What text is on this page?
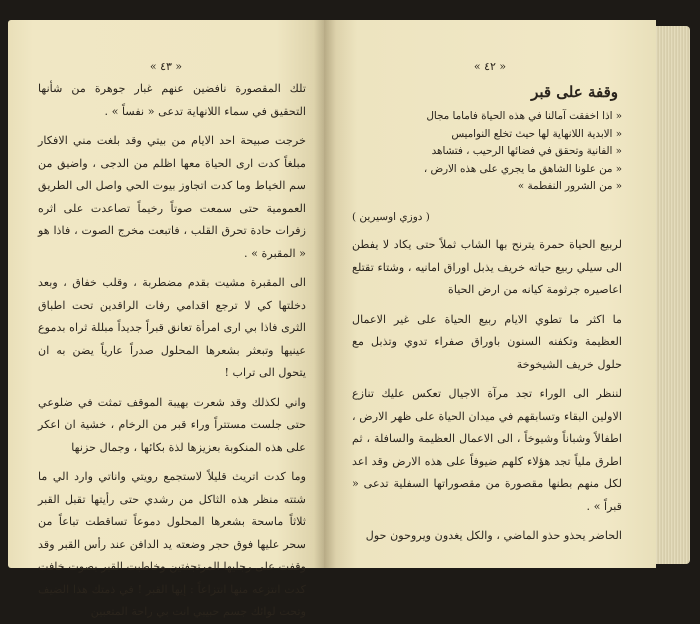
« ٤٣ »

تلك المقصورة نافضين عنهم غبار جوهرة من شأنها التحقيق في سماء اللانهاية تدعى « نفساً » .

خرجت صبيحة احد الايام من بيتي وقد بلغت مني الافكار مبلغاً كدت ارى الحياة معها اظلم من الدجى ، واضيق من سم الخياط وما كدت اتجاوز بيوت الحي واصل الى الطريق العمومية حتى سمعت صوتاً رخيماً تصاعدت على اثره زفرات حادة تحرق القلب ، فاتبعت مخرج الصوت ، فاذا هو « المقبرة » .

الى المقبرة مشيت بقدم مضطربة ، وقلب خفاق ، وبعد دخلتها كي لا ترجع اقدامي رفات الراقدين تحت اطباق الثرى فاذا بي ارى امرأة تعانق قبراً جديداً مبللة ثراه بدموع عينيها وتبعثر بشعرها المحلول صدراً عارياً يضن به ان يتحول الى تراب !

واني لكذلك وقد شعرت بهيبة الموقف تمثت في ضلوعي حتى جلست مستتراً وراء قبر من الرخام ، خشية ان اعكر على هذه المنكوبة بعزيزها لذة بكائها ، وجمال حزنها

وما كدت اتريث قليلاً لاستجمع رويتي واناتي وارد الي ما شتته منظر هذه الثاكل من رشدي حتى رأيتها تقبل القبر ثلاثاً ماسحة بشعرها المحلول دموعاً تساقطت تباعاً من سحر عليها فوق حجر وضعته يد الدافن عند رأس القبر وقد وقفت على رجليها المرتجفتين وخاطبت القبر بصوت خافت كدت انتزعه منها انتزاعاً : إيها القبر ! في ذمتك هذا الضيف وتحت لوائك جسم حبيبي انت بي راحة المتعبين

« ٤٢ »
وقفة على قبر
« اذا اخفقت آمالنا في هذه الحياة فاماما مجال
« الابدية اللانهاية لها حيث تخلع النواميس
« الفانية وتحقق في فضائها الرحيب ، فتشاهد
« من علونا الشاهق ما يجري على هذه الارض ،
« من الشرور النفطمة »
( دوزي اوسيرين )

لربيع الحياة حمرة يترنح بها الشاب ثملاً حتى يكاد لا يفطن الى سيلي ربيع حياته خريف يذبل اوراق امانيه ، وشتاء تقتلع اعاصيره جرثومة كيانه من ارض الحياة

ما اكثر ما تطوي الايام ربيع الحياة على غير الاعمال العظيمة وتكفنه السنون باوراق صفراء تدوي وتذبل مع حلول خريف الشيخوخة

لننظر الى الوراء تجد مرآة الاجيال تعكس عليك تنازع الاولين البقاء وتسابقهم في ميدان الحياة على ظهر الارض ، اطفالاً وشباناً وشيوخاً ، الى الاعمال العظيمة والسافلة ، ثم اطرق ملياً تجد هؤلاء كلهم ضيوفاً على هذه الارض وقد اعد لكل منهم بطنها مقصورة من مقصوراتها السفلية تدعى « قبراً » .

الحاضر يحذو حذو الماضي ، والكل يغدون ويروحون حول
